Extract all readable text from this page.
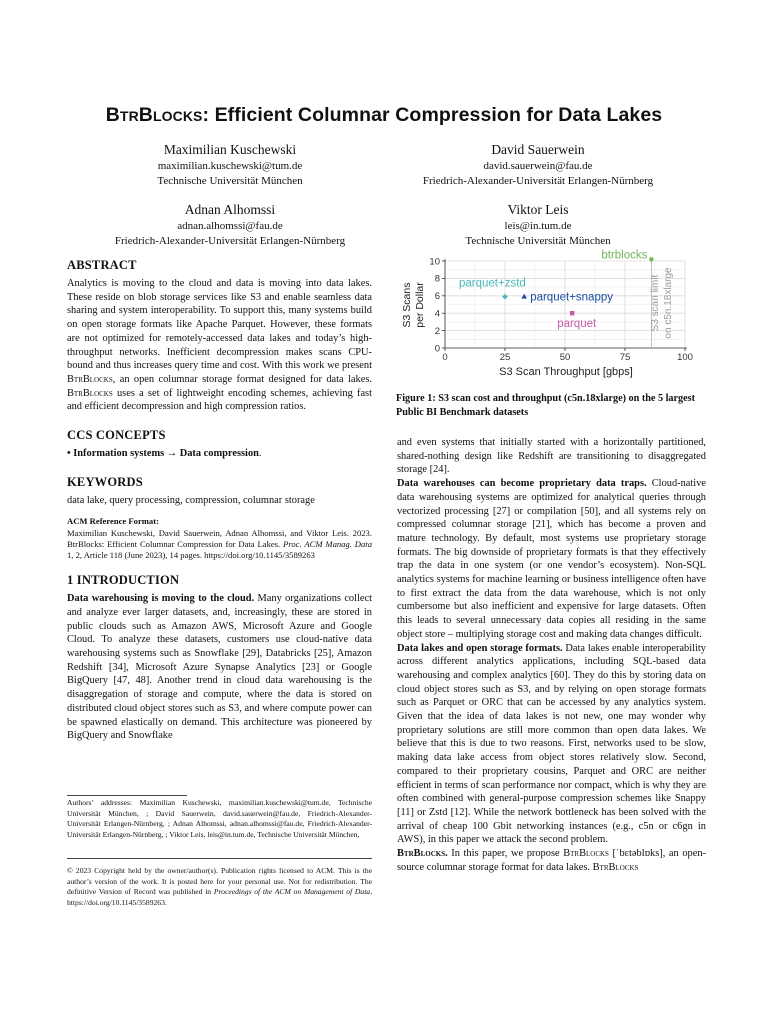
BtrBlocks: Efficient Columnar Compression for Data Lakes
Maximilian Kuschewski
maximilian.kuschewski@tum.de
Technische Universität München
David Sauerwein
david.sauerwein@fau.de
Friedrich-Alexander-Universität Erlangen-Nürnberg
Adnan Alhomssi
adnan.alhomssi@fau.de
Friedrich-Alexander-Universität Erlangen-Nürnberg
Viktor Leis
leis@in.tum.de
Technische Universität München
ABSTRACT
Analytics is moving to the cloud and data is moving into data lakes. These reside on blob storage services like S3 and enable seamless data sharing and system interoperability. To support this, many systems build on open storage formats like Apache Parquet. However, these formats are not optimized for remotely-accessed data lakes and today’s high-throughput networks. Inefficient decompression makes scans CPU-bound and thus increases query time and cost. With this work we present BtrBlocks, an open columnar storage format designed for data lakes. BtrBlocks uses a set of lightweight encoding schemes, achieving fast and efficient decompression and high compression ratios.
CCS CONCEPTS
• Information systems → Data compression.
KEYWORDS
data lake, query processing, compression, columnar storage
ACM Reference Format:
Maximilian Kuschewski, David Sauerwein, Adnan Alhomssi, and Viktor Leis. 2023. BtrBlocks: Efficient Columnar Compression for Data Lakes. Proc. ACM Manag. Data 1, 2, Article 118 (June 2023), 14 pages. https://doi.org/10.1145/3589263
1 INTRODUCTION
Data warehousing is moving to the cloud. Many organizations collect and analyze ever larger datasets, and, increasingly, these are stored in public clouds such as Amazon AWS, Microsoft Azure and Google Cloud. To analyze these datasets, customers use cloud-native data warehousing systems such as Snowflake [29], Databricks [25], Amazon Redshift [34], Microsoft Azure Synapse Analytics [23] or Google BigQuery [47, 48]. Another trend in cloud data warehousing is the disaggregation of storage and compute, where the data is stored on distributed cloud object stores such as S3, and where compute power can be spawned elastically on demand. This architecture was pioneered by BigQuery and Snowflake
Authors’ addresses: Maximilian Kuschewski, maximilian.kuschewski@tum.de, Technische Universität München, ; David Sauerwein, david.sauerwein@fau.de, Friedrich-Alexander-Universität Erlangen-Nürnberg, ; Adnan Alhomssi, adnan.alhomssi@fau.de, Friedrich-Alexander-Universität Erlangen-Nürnberg, ; Viktor Leis, leis@in.tum.de, Technische Universität München,
© 2023 Copyright held by the owner/author(s). Publication rights licensed to ACM. This is the author’s version of the work. It is posted here for your personal use. Not for redistribution. The definitive Version of Record was published in Proceedings of the ACM on Management of Data, https://doi.org/10.1145/3589263.
0	25	50	75	100
0
2
4
6
8
10
btrblocks
parquet+zstd
parquet+snappy
parquet
S3 Scans per Dollar
S3 Scan Throughput [gbps]
S3 scan limit on c5n.18xlarge
Figure 1: S3 scan cost and throughput (c5n.18xlarge) on the 5 largest Public BI Benchmark datasets

and even systems that initially started with a horizontally partitioned, shared-nothing design like Redshift are transitioning to disaggregated storage [24].

Data warehouses can become proprietary data traps. Cloud-native data warehousing systems are optimized for analytical queries through vectorized processing [27] or compilation [50], and all systems rely on compressed columnar storage [21], which has become a proven and mature technology. By default, most systems use proprietary storage formats. The big downside of proprietary formats is that they effectively trap the data in one system (or one vendor’s ecosystem). Non-SQL analytics systems for machine learning or business intelligence often have to first extract the data from the data warehouse, which is not only cumbersome but also inefficient and expensive for large datasets. Often this leads to several unnecessary data copies all residing in the same object store – multiplying storage cost and making data changes difficult.

Data lakes and open storage formats. Data lakes enable interoperability across different analytics applications, including SQL-based data warehousing and complex analytics [60]. They do this by storing data on cloud object stores such as S3, and by relying on open storage formats such as Parquet or ORC that can be accessed by any analytics system. Given that the idea of data lakes is not new, one may wonder why proprietary solutions are still more common than open data lakes. We believe that this is due to two reasons. First, networks used to be slow, making data lake access from object stores relatively slow. Second, compared to their proprietary cousins, Parquet and ORC are neither efficient in terms of scan performance nor compact, which is why they are often combined with general-purpose compression schemes like Snappy [11] or Zstd [12]. While the network bottleneck has been solved with the arrival of cheap 100 Gbit networking instances (e.g., c5n or c6gn in AWS), in this paper we attack the second problem.

BtrBlocks. In this paper, we propose BtrBlocks [ˈbɛtəblɒks], an open-source columnar storage format for data lakes. BtrBlocks
